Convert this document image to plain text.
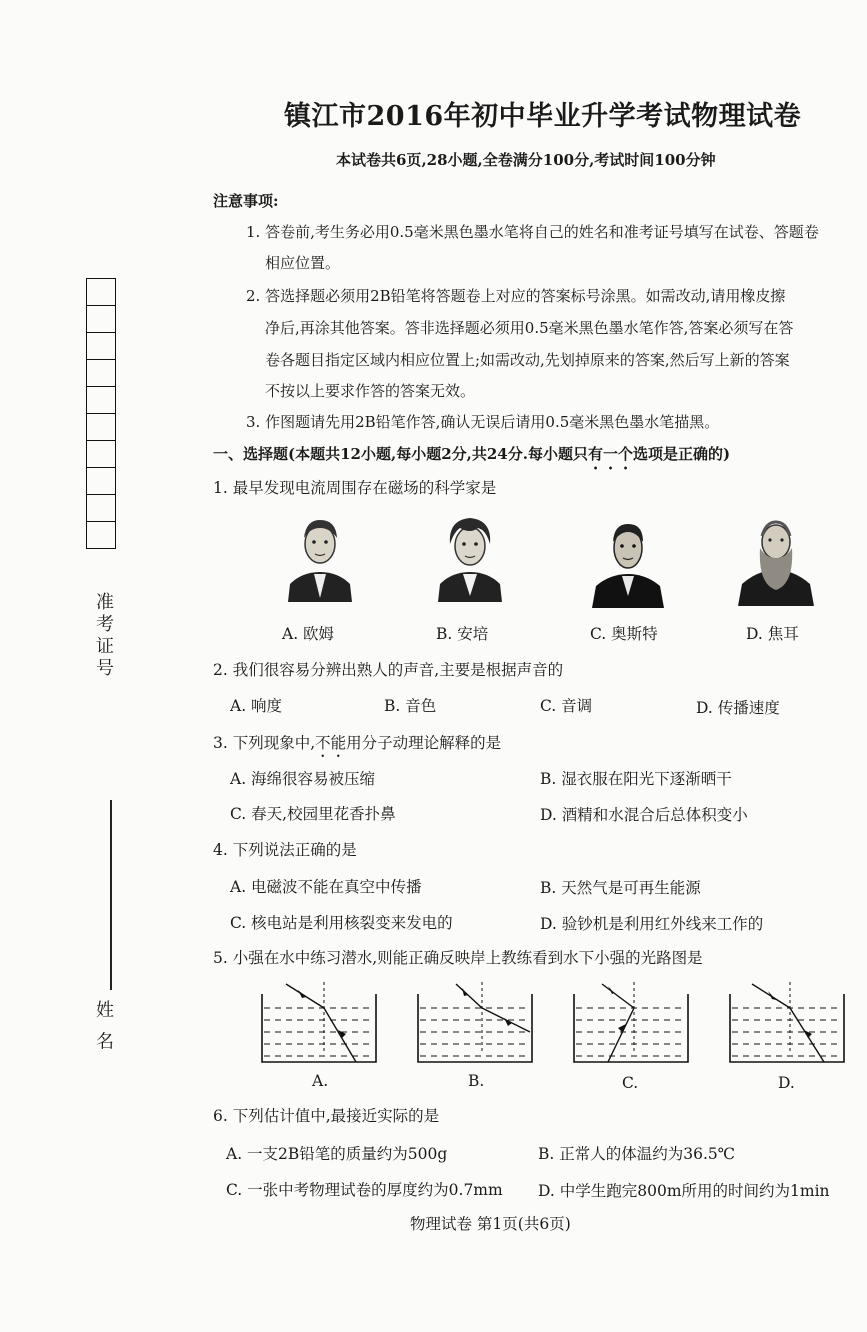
准考证号
姓 名
镇江市2016年初中毕业升学考试物理试卷
本试卷共6页,28小题,全卷满分100分,考试时间100分钟
注意事项:
1. 答卷前,考生务必用0.5毫米黑色墨水笔将自己的姓名和准考证号填写在试卷、答题卷
相应位置。
2. 答选择题必须用2B铅笔将答题卷上对应的答案标号涂黑。如需改动,请用橡皮擦
净后,再涂其他答案。答非选择题必须用0.5毫米黑色墨水笔作答,答案必须写在答
卷各题目指定区域内相应位置上;如需改动,先划掉原来的答案,然后写上新的答案
不按以上要求作答的答案无效。
3. 作图题请先用2B铅笔作答,确认无误后请用0.5毫米黑色墨水笔描黑。
一、选择题(本题共12小题,每小题2分,共24分.每小题只有一个选项是正确的)
1. 最早发现电流周围存在磁场的科学家是
A. 欧姆	B. 安培	C. 奥斯特	D. 焦耳
2. 我们很容易分辨出熟人的声音,主要是根据声音的
A. 响度	B. 音色	C. 音调	D. 传播速度
3. 下列现象中,不能用分子动理论解释的是
A. 海绵很容易被压缩	B. 湿衣服在阳光下逐渐晒干
C. 春天,校园里花香扑鼻	D. 酒精和水混合后总体积变小
4. 下列说法正确的是
A. 电磁波不能在真空中传播	B. 天然气是可再生能源
C. 核电站是利用核裂变来发电的	D. 验钞机是利用红外线来工作的
5. 小强在水中练习潜水,则能正确反映岸上教练看到水下小强的光路图是
A.	B.	C.	D.
6. 下列估计值中,最接近实际的是
A. 一支2B铅笔的质量约为500g	B. 正常人的体温约为36.5℃
C. 一张中考物理试卷的厚度约为0.7mm D. 中学生跑完800m所用的时间约为1min
物理试卷 第1页(共6页)
